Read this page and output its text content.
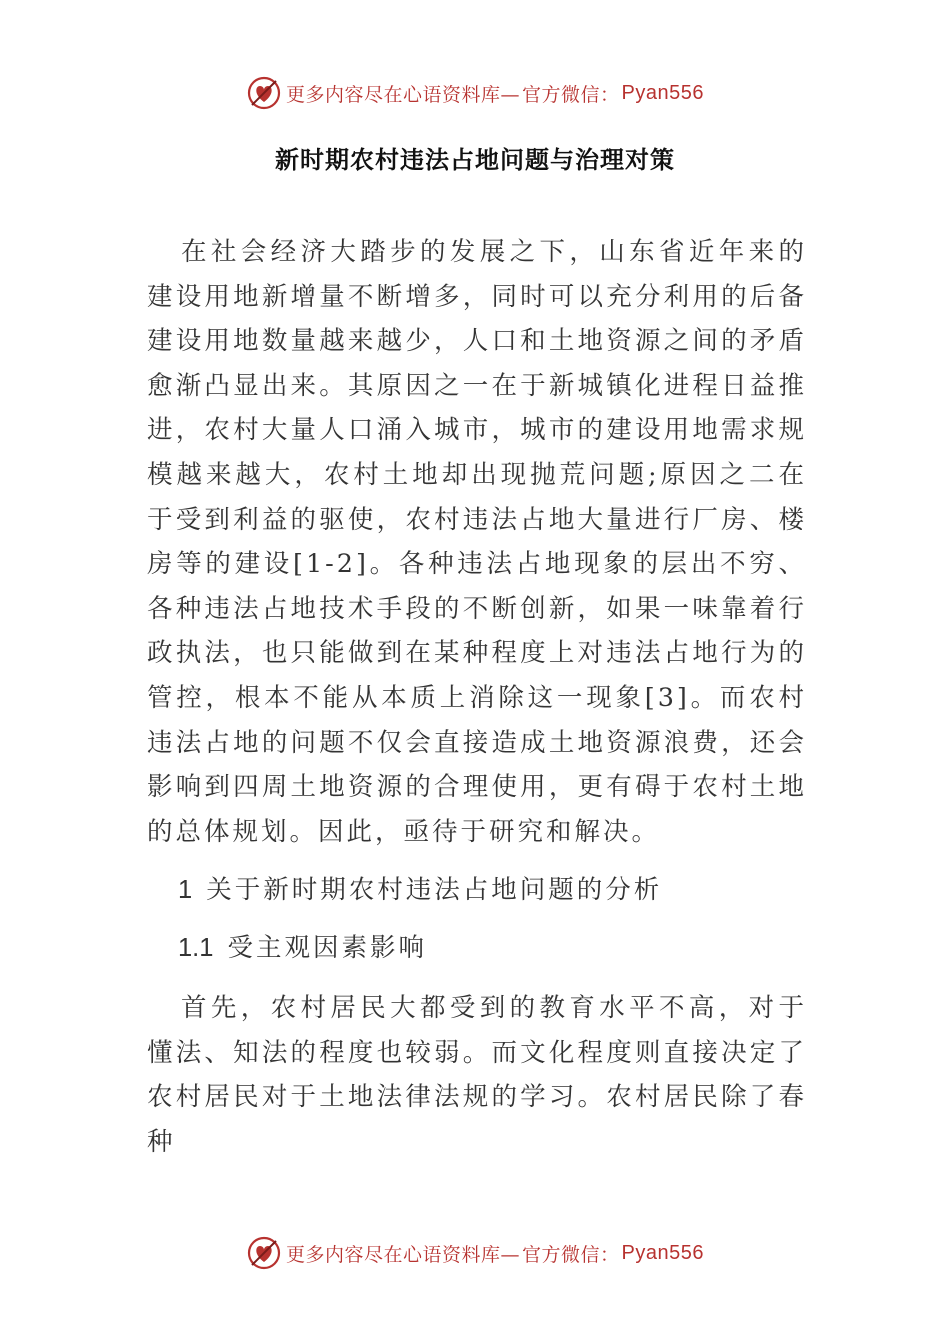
更多内容尽在心语资料库— 官方微信： Pyan556
新时期农村违法占地问题与治理对策
在社会经济大踏步的发展之下，山东省近年来的建设用地新增量不断增多，同时可以充分利用的后备建设用地数量越来越少，人口和土地资源之间的矛盾愈渐凸显出来。其原因之一在于新城镇化进程日益推进，农村大量人口涌入城市，城市的建设用地需求规模越来越大，农村土地却出现抛荒问题;原因之二在于受到利益的驱使，农村违法占地大量进行厂房、楼房等的建设[1-2]。各种违法占地现象的层出不穷、各种违法占地技术手段的不断创新，如果一味靠着行政执法，也只能做到在某种程度上对违法占地行为的管控，根本不能从本质上消除这一现象[3]。而农村违法占地的问题不仅会直接造成土地资源浪费，还会影响到四周土地资源的合理使用，更有碍于农村土地的总体规划。因此，亟待于研究和解决。
1 关于新时期农村违法占地问题的分析
1.1 受主观因素影响
首先，农村居民大都受到的教育水平不高，对于懂法、知法的程度也较弱。而文化程度则直接决定了农村居民对于土地法律法规的学习。农村居民除了春种
更多内容尽在心语资料库— 官方微信： Pyan556
